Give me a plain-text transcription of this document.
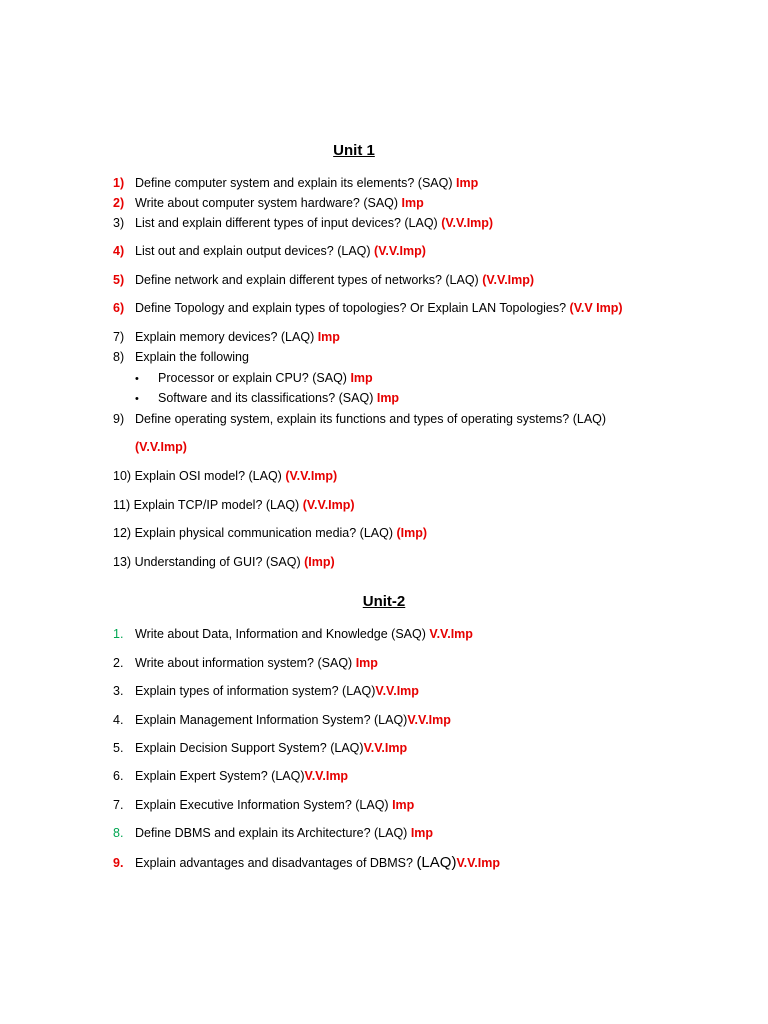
Unit 1
1) Define computer system and explain its elements? (SAQ) Imp
2) Write about computer system hardware? (SAQ) Imp
3) List and explain different types of input devices? (LAQ) (V.V.Imp)
4) List out and explain output devices? (LAQ) (V.V.Imp)
5) Define network and explain different types of networks? (LAQ) (V.V.Imp)
6) Define Topology and explain types of topologies? Or Explain LAN Topologies? (V.V Imp)
7) Explain memory devices? (LAQ) Imp
8) Explain the following
• Processor or explain CPU? (SAQ) Imp
• Software and its classifications? (SAQ) Imp
9) Define operating system, explain its functions and types of operating systems? (LAQ)
(V.V.Imp)
10) Explain OSI model? (LAQ) (V.V.Imp)
11) Explain TCP/IP model? (LAQ) (V.V.Imp)
12) Explain physical communication media? (LAQ) (Imp)
13) Understanding of GUI? (SAQ) (Imp)
Unit-2
1. Write about Data, Information and Knowledge (SAQ) V.V.Imp
2. Write about information system? (SAQ) Imp
3. Explain types of information system? (LAQ)V.V.Imp
4. Explain Management Information System? (LAQ)V.V.Imp
5. Explain Decision Support System? (LAQ)V.V.Imp
6. Explain Expert System? (LAQ)V.V.Imp
7. Explain Executive Information System? (LAQ) Imp
8. Define DBMS and explain its Architecture? (LAQ) Imp
9. Explain advantages and disadvantages of DBMS? (LAQ)V.V.Imp
